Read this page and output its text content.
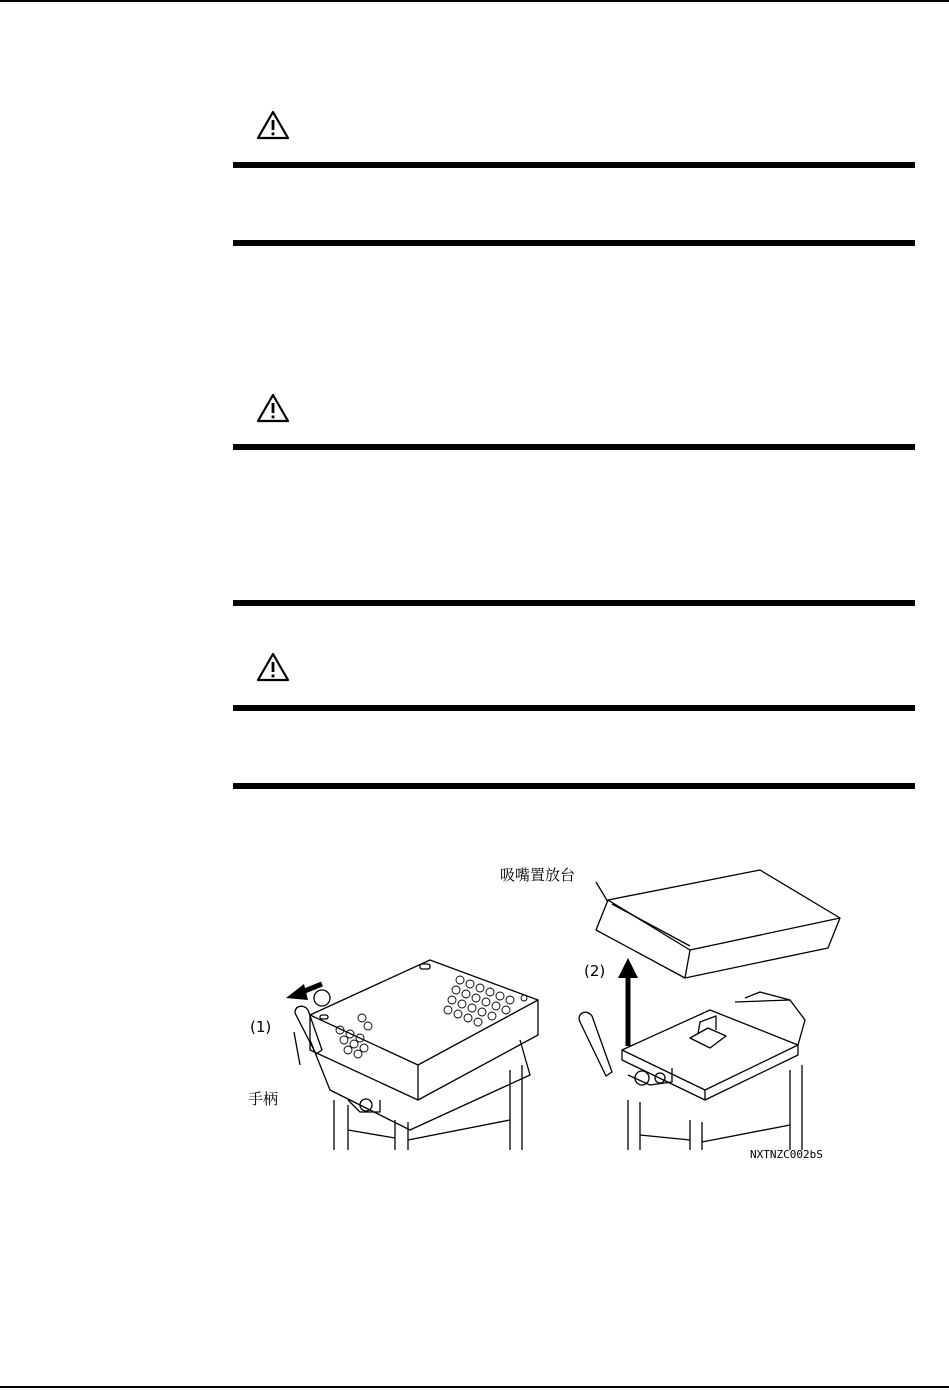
吸嘴置放台
(1)
(2)
手柄
NXTNZC002bS
